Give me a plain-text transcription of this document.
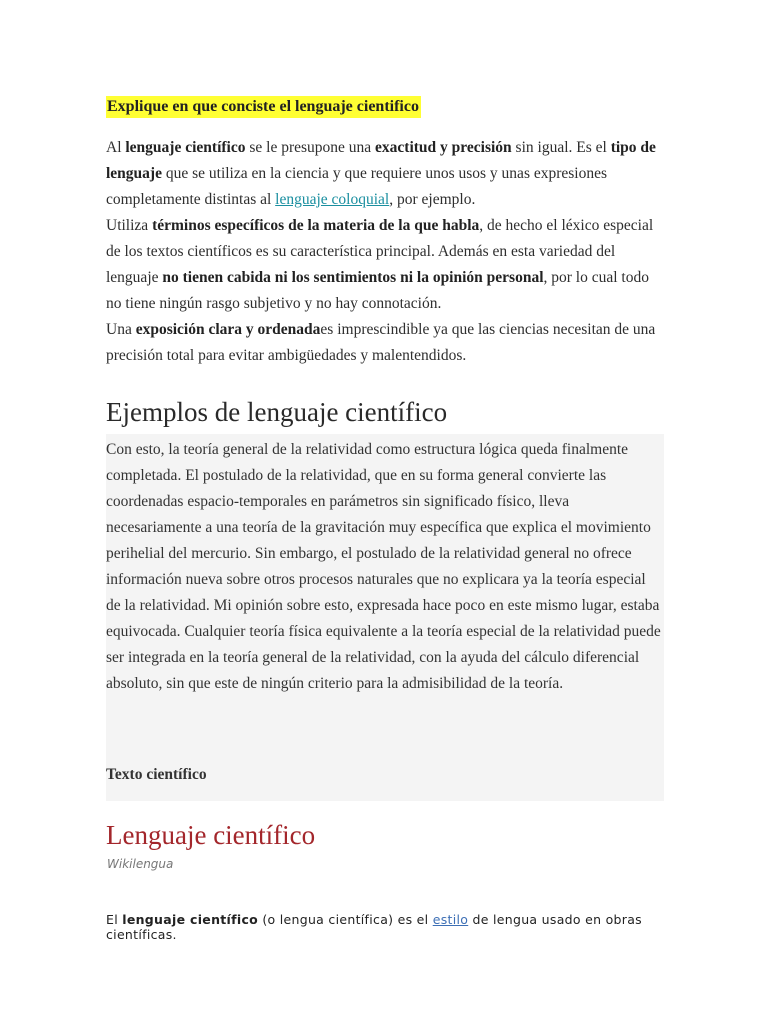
Explique en que conciste el lenguaje cientifico

Al lenguaje científico se le presupone una exactitud y precisión sin igual. Es el tipo de lenguaje que se utiliza en la ciencia y que requiere unos usos y unas expresiones completamente distintas al lenguaje coloquial, por ejemplo.

Utiliza términos específicos de la materia de la que habla, de hecho el léxico especial de los textos científicos es su característica principal. Además en esta variedad del lenguaje no tienen cabida ni los sentimientos ni la opinión personal, por lo cual todo no tiene ningún rasgo subjetivo y no hay connotación.

Una exposición clara y ordenadaes imprescindible ya que las ciencias necesitan de una precisión total para evitar ambigüedades y malentendidos.

Ejemplos de lenguaje científico

Con esto, la teoría general de la relatividad como estructura lógica queda finalmente completada. El postulado de la relatividad, que en su forma general convierte las coordenadas espacio-temporales en parámetros sin significado físico, lleva necesariamente a una teoría de la gravitación muy específica que explica el movimiento perihelial del mercurio. Sin embargo, el postulado de la relatividad general no ofrece información nueva sobre otros procesos naturales que no explicara ya la teoría especial de la relatividad. Mi opinión sobre esto, expresada hace poco en este mismo lugar, estaba equivocada. Cualquier teoría física equivalente a la teoría especial de la relatividad puede ser integrada en la teoría general de la relatividad, con la ayuda del cálculo diferencial absoluto, sin que este de ningún criterio para la admisibilidad de la teoría.

Texto científico

Lenguaje científico
Wikilengua

El lenguaje científico (o lengua científica) es el estilo de lengua usado en obras científicas.
